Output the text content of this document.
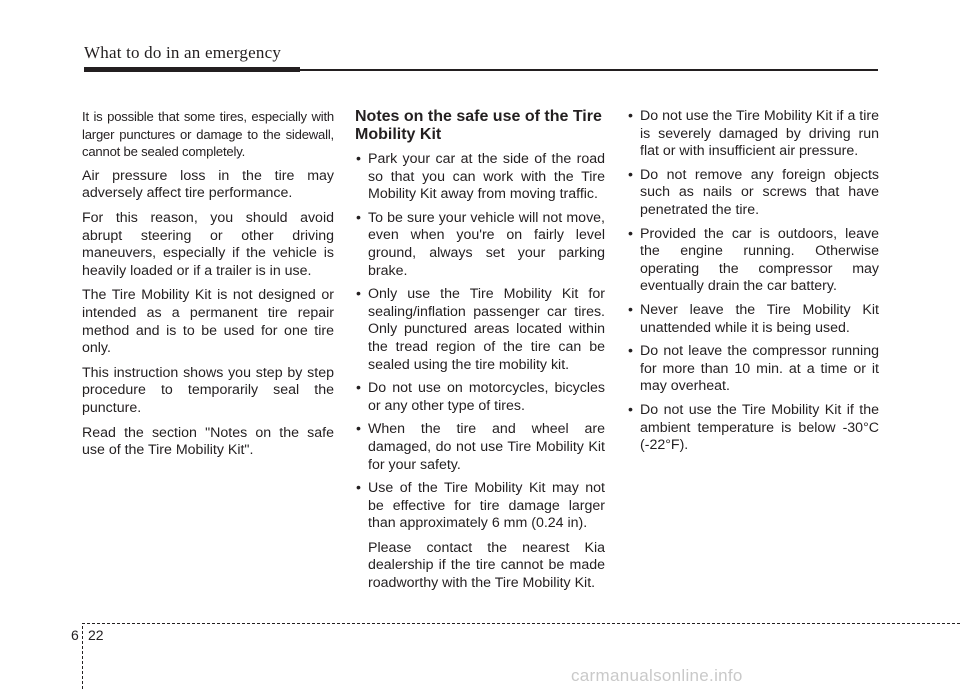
What to do in an emergency

It is possible that some tires, especially with larger punctures or damage to the sidewall, cannot be sealed completely.

Air pressure loss in the tire may adversely affect tire performance.

For this reason, you should avoid abrupt steering or other driving maneuvers, especially if the vehicle is heavily loaded or if a trailer is in use.

The Tire Mobility Kit is not designed or intended as a permanent tire repair method and is to be used for one tire only.

This instruction shows you step by step procedure to temporarily seal the puncture.

Read the section "Notes on the safe use of the Tire Mobility Kit".

Notes on the safe use of the Tire Mobility Kit
• Park your car at the side of the road so that you can work with the Tire Mobility Kit away from moving traffic.
• To be sure your vehicle will not move, even when you're on fairly level ground, always set your parking brake.
• Only use the Tire Mobility Kit for sealing/inflation passenger car tires. Only punctured areas located within the tread region of the tire can be sealed using the tire mobility kit.
• Do not use on motorcycles, bicycles or any other type of tires.
• When the tire and wheel are damaged, do not use Tire Mobility Kit for your safety.
• Use of the Tire Mobility Kit may not be effective for tire damage larger than approximately 6 mm (0.24 in).

Please contact the nearest Kia dealership if the tire cannot be made roadworthy with the Tire Mobility Kit.

• Do not use the Tire Mobility Kit if a tire is severely damaged by driving run flat or with insufficient air pressure.
• Do not remove any foreign objects such as nails or screws that have penetrated the tire.
• Provided the car is outdoors, leave the engine running. Otherwise operating the compressor may eventually drain the car battery.
• Never leave the Tire Mobility Kit unattended while it is being used.
• Do not leave the compressor running for more than 10 min. at a time or it may overheat.
• Do not use the Tire Mobility Kit if the ambient temperature is below -30°C (-22°F).
6 22
carmanualsonline.info
